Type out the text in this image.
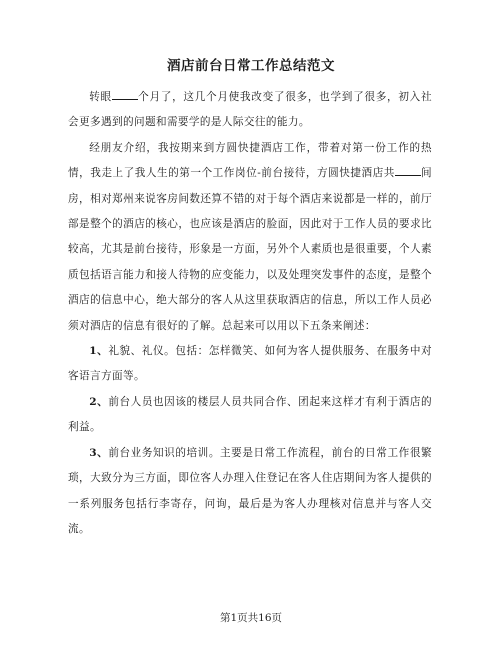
酒店前台日常工作总结范文

转眼 个月了，这几个月使我改变了很多，也学到了很多，初入社会更多遇到的问题和需要学的是人际交往的能力。

经朋友介绍，我按期来到方圆快捷酒店工作，带着对第一份工作的热情，我走上了我人生的第一个工作岗位-前台接待，方圆快捷酒店共 间房，相对郑州来说客房间数还算不错的对于每个酒店来说都是一样的，前厅部是整个的酒店的核心，也应该是酒店的脸面，因此对于工作人员的要求比较高，尤其是前台接待，形象是一方面，另外个人素质也是很重要，个人素质包括语言能力和接人待物的应变能力，以及处理突发事件的态度，是整个酒店的信息中心，绝大部分的客人从这里获取酒店的信息，所以工作人员必须对酒店的信息有很好的了解。总起来可以用以下五条来阐述：

1、礼貌、礼仪。包括：怎样微笑、如何为客人提供服务、在服务中对客语言方面等。

2、前台人员也因该的楼层人员共同合作、团起来这样才有利于酒店的利益。

3、前台业务知识的培训。主要是日常工作流程，前台的日常工作很繁琐，大致分为三方面，即位客人办理入住登记在客人住店期间为客人提供的一系列服务包括行李寄存，问询，最后是为客人办理核对信息并与客人交流。

第1页共16页
